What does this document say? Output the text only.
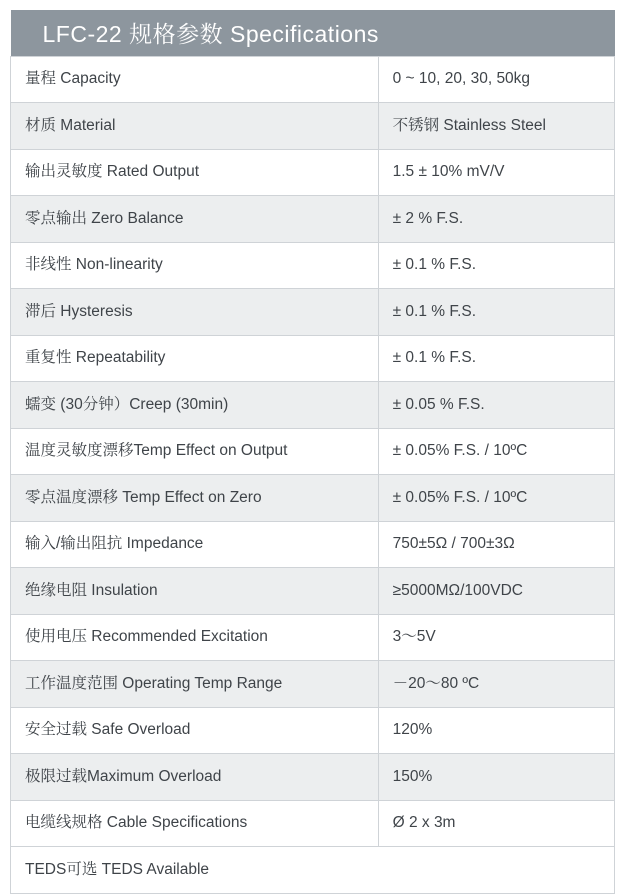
LFC-22 规格参数 Specifications	

量程 Capacity	0 ~ 10, 20, 30, 50kg

材质 Material	不锈钢 Stainless Steel

输出灵敏度 Rated Output	1.5 ± 10% mV/V

零点输出 Zero Balance	± 2 % F.S.

非线性 Non-linearity	± 0.1 % F.S.

滞后 Hysteresis	± 0.1 % F.S.

重复性 Repeatability	± 0.1 % F.S.

蠕变 (30分钟）Creep (30min)	± 0.05 % F.S.

温度灵敏度漂移Temp Effect on Output	± 0.05% F.S. / 10ºC

零点温度漂移 Temp Effect on Zero	± 0.05% F.S. / 10ºC

输入/输出阻抗 Impedance	750±5Ω / 700±3Ω

绝缘电阻 Insulation	≥5000MΩ/100VDC

使用电压 Recommended Excitation	3～5V

工作温度范围 Operating Temp Range	－20～80 ºC

安全过载 Safe Overload	120%

极限过载Maximum Overload	150%

电缆线规格 Cable Specifications	Ø 2 x 3m

TEDS可选 TEDS Available	
